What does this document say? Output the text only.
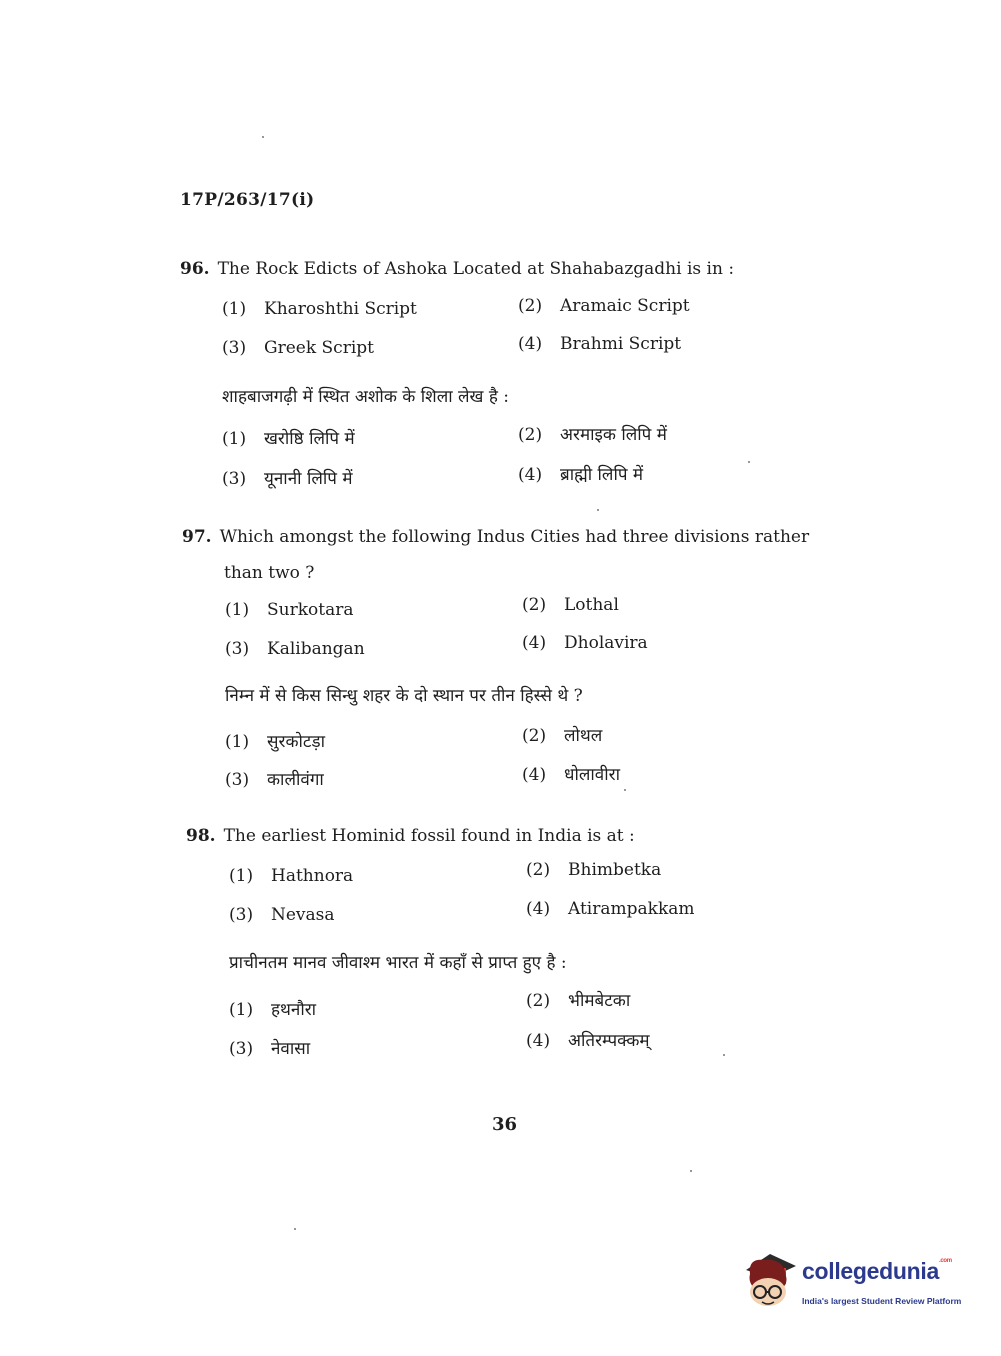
17P/263/17(i)
96. The Rock Edicts of Ashoka Located at Shahabazgadhi is in :
(1) Kharoshthi Script	(2) Aramaic Script
(3) Greek Script	(4) Brahmi Script
शाहबाजगढ़ी में स्थित अशोक के शिला लेख है :
(1) खरोष्ठि लिपि में	(2) अरमाइक लिपि में
(3) यूनानी लिपि में	(4) ब्राह्मी लिपि में
97. Which amongst the following Indus Cities had three divisions rather
than two ?
(1) Surkotara	(2) Lothal
(3) Kalibangan	(4) Dholavira
निम्न में से किस सिन्धु शहर के दो स्थान पर तीन हिस्से थे ?
(1) सुरकोटड़ा	(2) लोथल
(3) कालीवंगा	(4) धोलावीरा
98. The earliest Hominid fossil found in India is at :
(1) Hathnora	(2) Bhimbetka
(3) Nevasa	(4) Atirampakkam
प्राचीनतम मानव जीवाश्म भारत में कहाँ से प्राप्त हुए है :
(1) हथनौरा	(2) भीमबेटका
(3) नेवासा	(4) अतिरम्पक्कम्
36
collegedunia$^{.com}$
India's largest Student Review Platform
